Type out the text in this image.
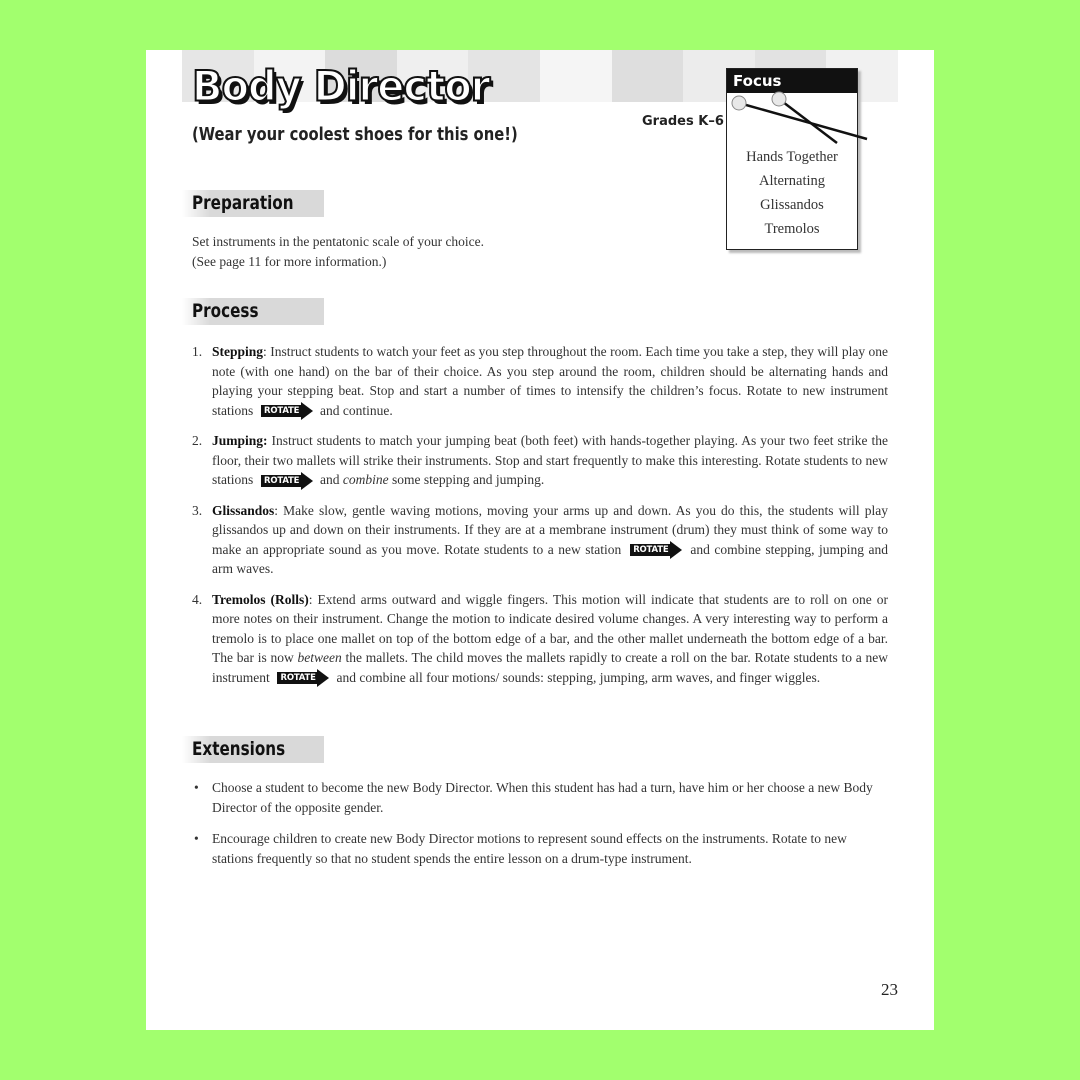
Body Director
(Wear your coolest shoes for this one!)
Grades K–6
Focus
Hands Together
Alternating
Glissandos
Tremolos
Preparation
Set instruments in the pentatonic scale of your choice.
(See page 11 for more information.)
Process
1. Stepping: Instruct students to watch your feet as you step throughout the room. Each time you take a step, they will play one note (with one hand) on the bar of their choice. As you step around the room, children should be alternating hands and playing your stepping beat. Stop and start a number of times to intensify the children’s focus. Rotate to new instrument stations	ROTATE and continue.
2. Jumping: Instruct students to match your jumping beat (both feet) with hands-together playing. As your two feet strike the floor, their two mallets will strike their instruments. Stop and start frequently to make this interesting. Rotate students to new stations	ROTATE and combine some stepping and jumping.
3. Glissandos: Make slow, gentle waving motions, moving your arms up and down. As you do this, the students will play glissandos up and down on their instruments. If they are at a membrane instrument (drum) they must think of some way to make an appropriate sound as you move. Rotate students to a new station	ROTATE and combine stepping, jumping and arm waves.
4. Tremolos (Rolls): Extend arms outward and wiggle fingers. This motion will indicate that students are to roll on one or more notes on their instrument. Change the motion to indicate desired volume changes. A very interesting way to perform a tremolo is to place one mallet on top of the bottom edge of a bar, and the other mallet underneath the bottom edge of a bar. The bar is now between the mallets. The child moves the mallets rapidly to create a roll on the bar. Rotate students to a new instrument	ROTATE and combine all four motions/ sounds: stepping, jumping, arm waves, and finger wiggles.
Extensions
• Choose a student to become the new Body Director. When this student has had a turn, have him or her choose a new Body Director of the opposite gender.
• Encourage children to create new Body Director motions to represent sound effects on the instruments. Rotate to new stations frequently so that no student spends the entire lesson on a drum-type instrument.
23
